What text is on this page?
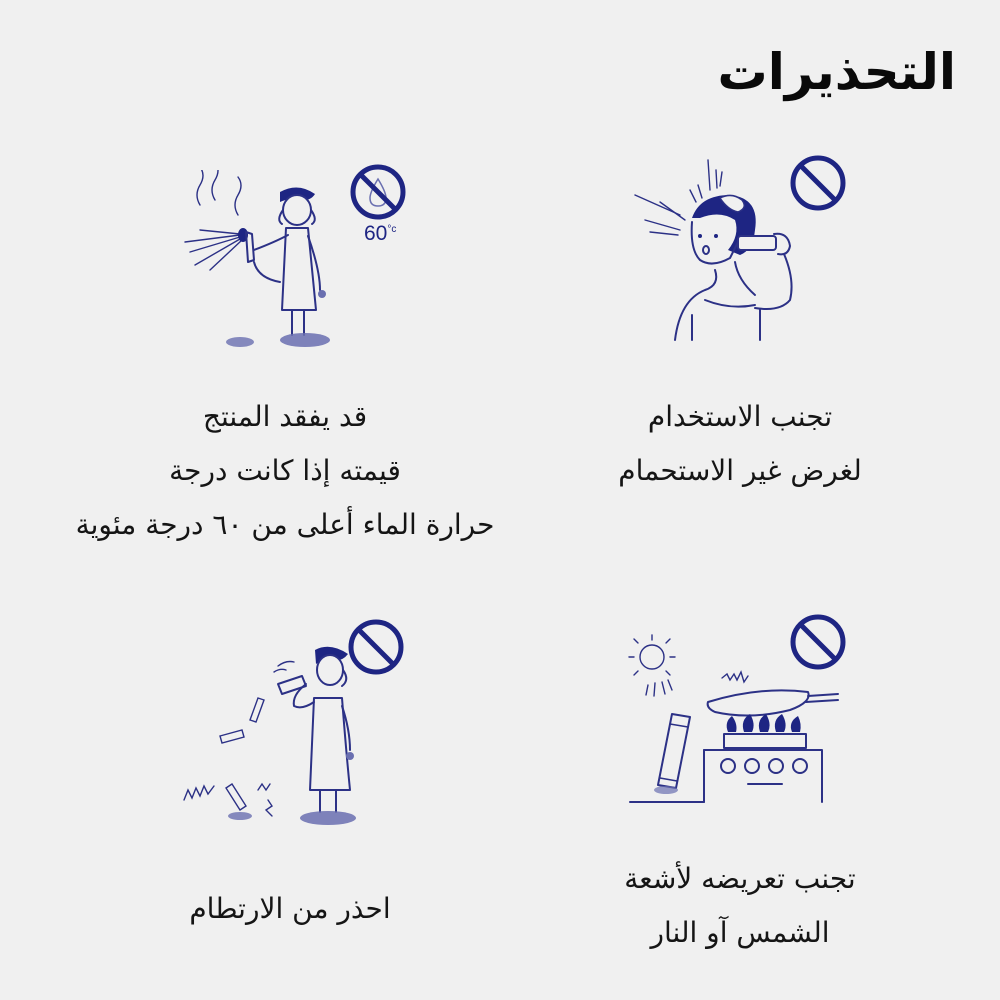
التحذيرات
تجنب الاستخدام
لغرض غير الاستحمام
$60^{^\circ c}$
قد يفقد المنتج
قيمته إذا كانت درجة
حرارة الماء أعلى من ٦٠ درجة مئوية
تجنب تعريضه لأشعة
الشمس آو النار
احذر من الارتطام
